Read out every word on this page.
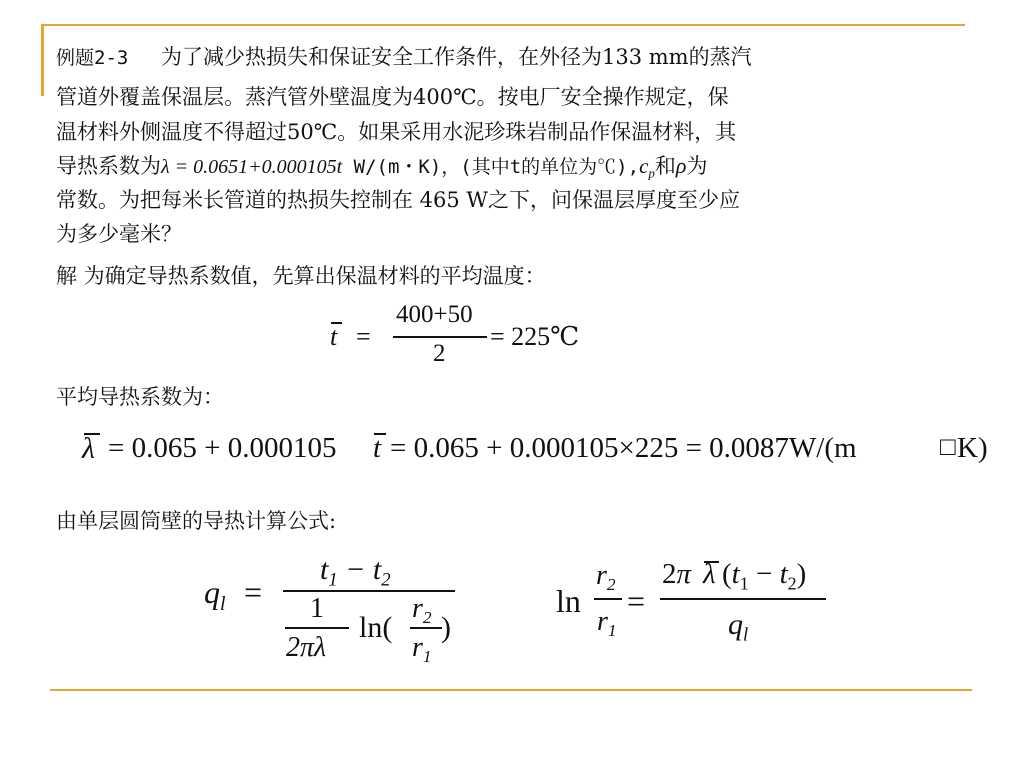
例题2-3 为了减少热损失和保证安全工作条件，在外径为133 mm的蒸汽
管道外覆盖保温层。蒸汽管外壁温度为400℃。按电厂安全操作规定，保
温材料外侧温度不得超过50℃。如果采用水泥珍珠岩制品作保温材料，其
导热系数为λ = 0.0651+0.000105t W/(m・K)，(其中t的单位为$℃),c_p$和ρ为
常数。为把每米长管道的热损失控制在 465 W之下，问保温层厚度至少应
为多少毫米？
解 为确定导热系数值，先算出保温材料的平均温度：
t =
400+50
2
= 225℃
平均导热系数为：
λ = 0.065 + 0.000105 t = 0.065 + 0.000105×225 = 0.0087W/(m	□ K)
由单层圆筒壁的导热计算公式:
$q_l$ =
$t_1 - t_2$
1
2πλ
ln(
$r_2$
$r_1$
)
ln
$r_2$
$r_1$
=
2π λ $(t_1 - t_2)$
$q_l$
